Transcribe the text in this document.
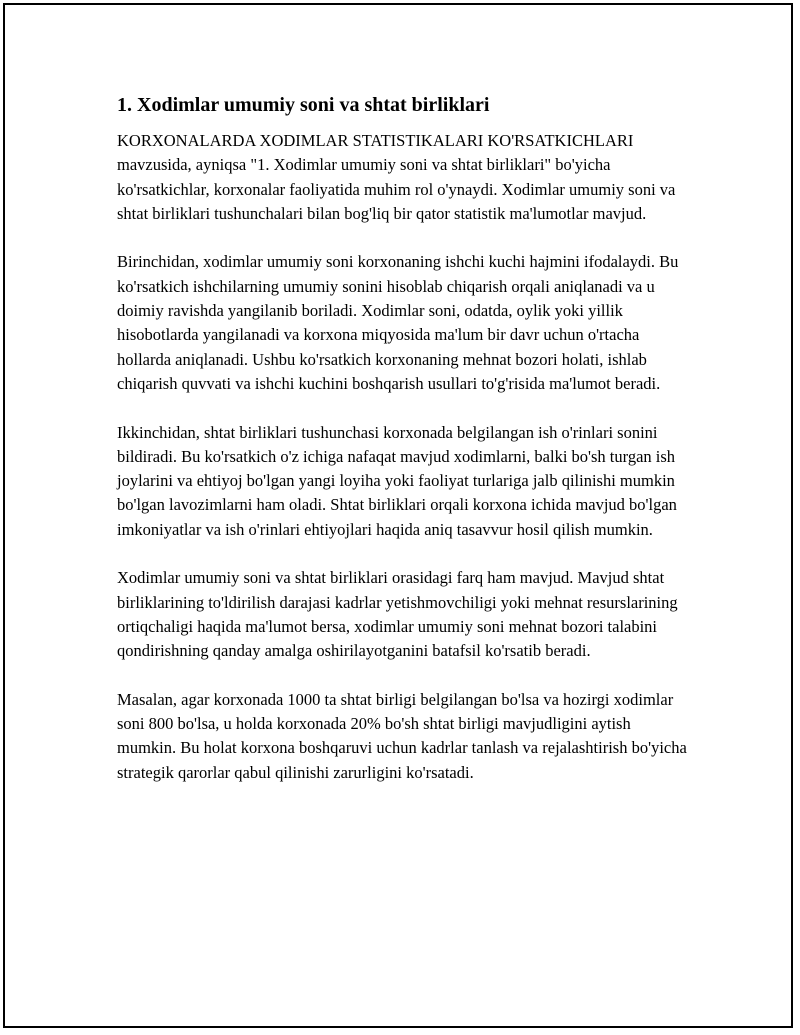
1. Xodimlar umumiy soni va shtat birliklari

KORXONALARDA XODIMLAR STATISTIKALARI KO'RSATKICHLARI mavzusida, ayniqsa "1. Xodimlar umumiy soni va shtat birliklari" bo'yicha ko'rsatkichlar, korxonalar faoliyatida muhim rol o'ynaydi. Xodimlar umumiy soni va shtat birliklari tushunchalari bilan bog'liq bir qator statistik ma'lumotlar mavjud.

Birinchidan, xodimlar umumiy soni korxonaning ishchi kuchi hajmini ifodalaydi. Bu ko'rsatkich ishchilarning umumiy sonini hisoblab chiqarish orqali aniqlanadi va u doimiy ravishda yangilanib boriladi. Xodimlar soni, odatda, oylik yoki yillik hisobotlarda yangilanadi va korxona miqyosida ma'lum bir davr uchun o'rtacha hollarda aniqlanadi. Ushbu ko'rsatkich korxonaning mehnat bozori holati, ishlab chiqarish quvvati va ishchi kuchini boshqarish usullari to'g'risida ma'lumot beradi.

Ikkinchidan, shtat birliklari tushunchasi korxonada belgilangan ish o'rinlari sonini bildiradi. Bu ko'rsatkich o'z ichiga nafaqat mavjud xodimlarni, balki bo'sh turgan ish joylarini va ehtiyoj bo'lgan yangi loyiha yoki faoliyat turlariga jalb qilinishi mumkin bo'lgan lavozimlarni ham oladi. Shtat birliklari orqali korxona ichida mavjud bo'lgan imkoniyatlar va ish o'rinlari ehtiyojlari haqida aniq tasavvur hosil qilish mumkin.

Xodimlar umumiy soni va shtat birliklari orasidagi farq ham mavjud. Mavjud shtat birliklarining to'ldirilish darajasi kadrlar yetishmovchiligi yoki mehnat resurslarining ortiqchaligi haqida ma'lumot bersa, xodimlar umumiy soni mehnat bozori talabini qondirishning qanday amalga oshirilayotganini batafsil ko'rsatib beradi.

Masalan, agar korxonada 1000 ta shtat birligi belgilangan bo'lsa va hozirgi xodimlar soni 800 bo'lsa, u holda korxonada 20% bo'sh shtat birligi mavjudligini aytish mumkin. Bu holat korxona boshqaruvi uchun kadrlar tanlash va rejalashtirish bo'yicha strategik qarorlar qabul qilinishi zarurligini ko'rsatadi.
